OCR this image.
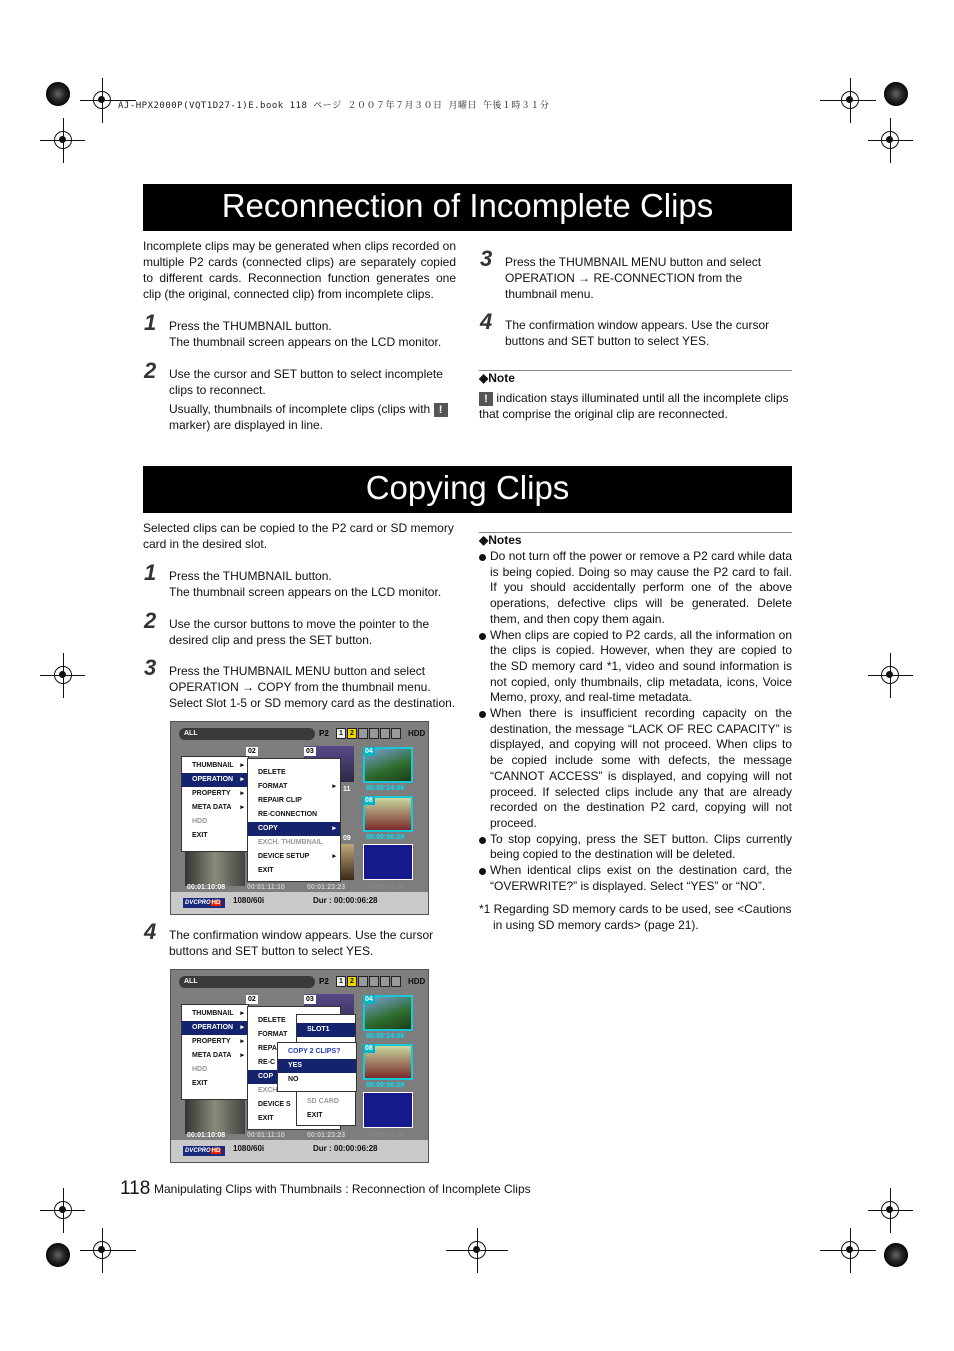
AJ-HPX2000P(VQT1D27-1)E.book 118 ページ ２００７年７月３０日 月曜日 午後１時３１分
Reconnection of Incomplete Clips
Incomplete clips may be generated when clips recorded on multiple P2 cards (connected clips) are separately copied to different cards. Reconnection function generates one clip (the original, connected clip) from incomplete clips.
1 Press the THUMBNAIL button.
The thumbnail screen appears on the LCD monitor.
2 Use the cursor and SET button to select incomplete clips to reconnect.
Usually, thumbnails of incomplete clips (clips with !
marker) are displayed in line.
3 Press the THUMBNAIL MENU button and select OPERATION → RE-CONNECTION from the thumbnail menu.
4 The confirmation window appears. Use the cursor buttons and SET button to select YES.
◆Note
! indication stays illuminated until all the incomplete clips that comprise the original clip are reconnected.
Copying Clips
Selected clips can be copied to the P2 card or SD memory card in the desired slot.
1 Press the THUMBNAIL button.
The thumbnail screen appears on the LCD monitor.
2 Use the cursor buttons to move the pointer to the desired clip and press the SET button.
3 Press the THUMBNAIL MENU button and select OPERATION → COPY from the thumbnail menu. Select Slot 1-5 or SD memory card as the destination.
ALL	P2	1	2	HDD
02	03	04
00:00:24:06
08
00:00:56:29
09
11
00:01:10:08	00:01:11:10	00:01:23:23	00:00:00:00
THUMBNAIL ▸
OPERATION ▸
PROPERTY ▸
META DATA ▸
HDD
EXIT
DELETE
FORMAT ▸
REPAIR CLIP
RE-CONNECTION
COPY ▸
EXCH. THUMBNAIL
DEVICE SETUP ▸
EXIT
DVCPROHD	1080/60i	Dur : 00:00:06:28
4 The confirmation window appears. Use the cursor buttons and SET button to select YES.
ALL	P2	1	2	HDD
02	03	04
00:00:24:06
08
00:00:56:29
00:01:10:08	00:01:11:10	00:01:23:23	00:00:00:00
THUMBNAIL ▸
OPERATION ▸
PROPERTY ▸
META DATA ▸
HDD
EXIT
DELETE
FORMAT
REPA
RE-C
COP
EXCH
DEVICE S
EXIT
SLOT1
SD CARD
EXIT
COPY 2 CLIPS?
YES
NO
DVCPROHD	1080/60i	Dur : 00:00:06:28
◆Notes
Do not turn off the power or remove a P2 card while data is being copied. Doing so may cause the P2 card to fail. If you should accidentally perform one of the above operations, defective clips will be generated. Delete them, and then copy them again.
When clips are copied to P2 cards, all the information on the clips is copied. However, when they are copied to the SD memory card *1, video and sound information is not copied, only thumbnails, clip metadata, icons, Voice Memo, proxy, and real-time metadata.
When there is insufficient recording capacity on the destination, the message “LACK OF REC CAPACITY” is displayed, and copying will not proceed. When clips to be copied include some with defects, the message “CANNOT ACCESS” is displayed, and copying will not proceed. If selected clips include any that are already recorded on the destination P2 card, copying will not proceed.
To stop copying, press the SET button. Clips currently being copied to the destination will be deleted.
When identical clips exist on the destination card, the “OVERWRITE?” is displayed. Select “YES” or “NO”.
*1 Regarding SD memory cards to be used, see <Cautions in using SD memory cards> (page 21).
118 Manipulating Clips with Thumbnails : Reconnection of Incomplete Clips
